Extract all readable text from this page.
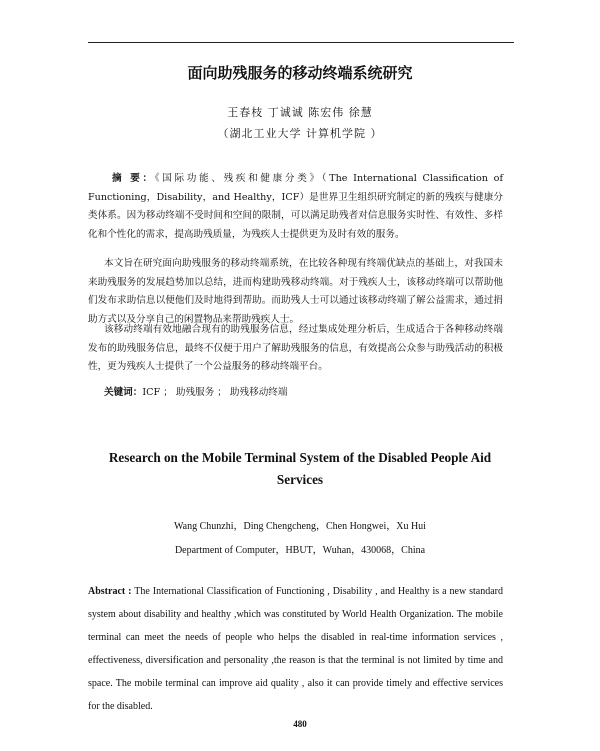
面向助残服务的移动终端系统研究
王春枝 丁诚诚 陈宏伟 徐慧
（湖北工业大学 计算机学院 ）
摘 要：《国际功能、残疾和健康分类》（The International Classification of Functioning，Disability，and Healthy，ICF）是世界卫生组织研究制定的新的残疾与健康分类体系。因为移动终端不受时间和空间的限制，可以满足助残者对信息服务实时性、有效性、多样化和个性化的需求，提高助残质量，为残疾人士提供更为及时有效的服务。
本文旨在研究面向助残服务的移动终端系统，在比较各种现有终端优缺点的基础上，对我国未来助残服务的发展趋势加以总结，进而构建助残移动终端。对于残疾人士，该移动终端可以帮助他们发布求助信息以便他们及时地得到帮助。而助残人士可以通过该移动终端了解公益需求，通过捐助方式以及分享自己的闲置物品来帮助残疾人士。
该移动终端有效地融合现有的助残服务信息，经过集成处理分析后，生成适合于各种移动终端发布的助残服务信息，最终不仅便于用户了解助残服务的信息，有效提高公众参与助残活动的积极性，更为残疾人士提供了一个公益服务的移动终端平台。
关键词：ICF ； 助残服务 ； 助残移动终端
Research on the Mobile Terminal System of the Disabled People Aid
Services
Wang Chunzhi，Ding Chengcheng，Chen Hongwei，Xu Hui
Department of Computer，HBUT，Wuhan，430068，China
Abstract : The International Classification of Functioning , Disability , and Healthy is a new standard system about disability and healthy ,which was constituted by World Health Organization. The mobile terminal can meet the needs of people who helps the disabled in real-time information services , effectiveness, diversification and personality ,the reason is that the terminal is not limited by time and space. The mobile terminal can improve aid quality , also it can provide timely and effective services for the disabled.
480
